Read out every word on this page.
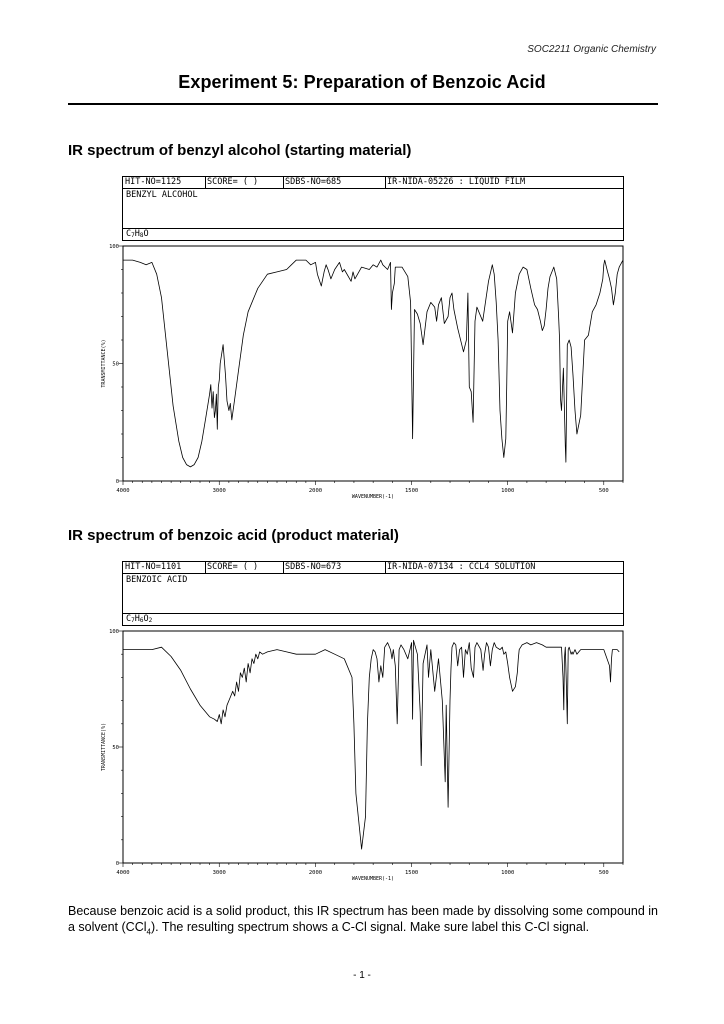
SOC2211 Organic Chemistry
Experiment 5: Preparation of Benzoic Acid
IR spectrum of benzyl alcohol (starting material)
HIT-NO=1125	SCORE= ( )	SDBS-NO=685	IR-NIDA-05226 : LIQUID FILM
BENZYL ALCOHOL
$C_7H_8O$
4000	3000	2000	1500	1000	500
0
50
100
WAVENUMBER(-1)
TRANSMITTANCE(%)
IR spectrum of benzoic acid (product material)
HIT-NO=1101	SCORE= ( )	SDBS-NO=673	IR-NIDA-07134 : CCL4 SOLUTION
BENZOIC ACID
$C_7H_6O_2$
4000	3000	2000	1500	1000	500
0
50
100
WAVENUMBER(-1)
TRANSMITTANCE(%)
Because benzoic acid is a solid product, this IR spectrum has been made by dissolving some compound in a solvent (CCl$_4$). The resulting spectrum shows a C-Cl signal. Make sure label this C-Cl signal.
- 1 -
